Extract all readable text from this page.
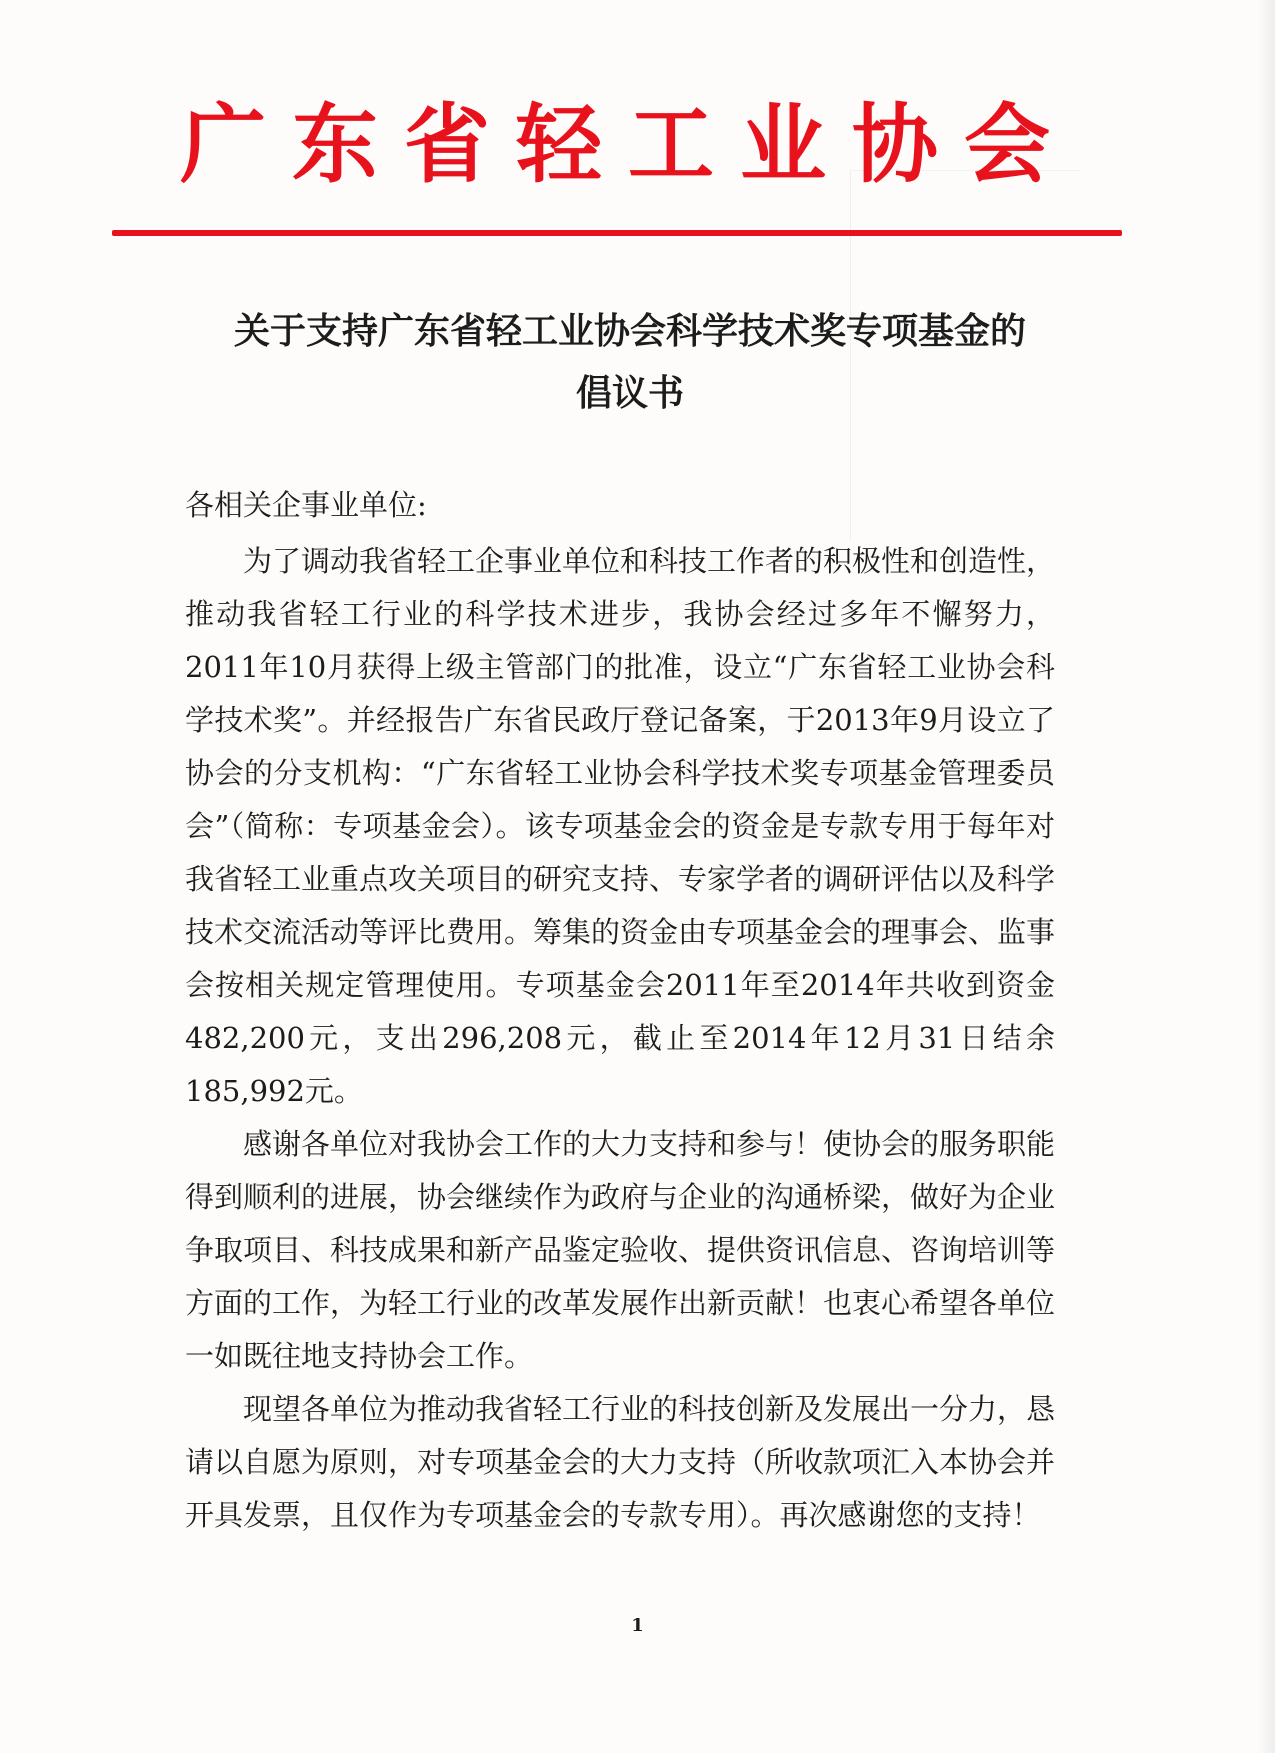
广东省轻工业协会
关于支持广东省轻工业协会科学技术奖专项基金的
倡议书
各相关企事业单位:

为了调动我省轻工企事业单位和科技工作者的积极性和创造性，推动我省轻工行业的科学技术进步，我协会经过多年不懈努力，2011年10月获得上级主管部门的批准，设立“广东省轻工业协会科学技术奖”。并经报告广东省民政厅登记备案，于2013年9月设立了协会的分支机构：“广东省轻工业协会科学技术奖专项基金管理委员会”（简称：专项基金会）。该专项基金会的资金是专款专用于每年对我省轻工业重点攻关项目的研究支持、专家学者的调研评估以及科学技术交流活动等评比费用。筹集的资金由专项基金会的理事会、监事会按相关规定管理使用。专项基金会2011年至2014年共收到资金482,200元，支出296,208元，截止至2014年12月31日结余185,992元。

感谢各单位对我协会工作的大力支持和参与！使协会的服务职能得到顺利的进展，协会继续作为政府与企业的沟通桥梁，做好为企业争取项目、科技成果和新产品鉴定验收、提供资讯信息、咨询培训等方面的工作，为轻工行业的改革发展作出新贡献！也衷心希望各单位一如既往地支持协会工作。

现望各单位为推动我省轻工行业的科技创新及发展出一分力，恳请以自愿为原则，对专项基金会的大力支持（所收款项汇入本协会并开具发票，且仅作为专项基金会的专款专用）。再次感谢您的支持！

1
